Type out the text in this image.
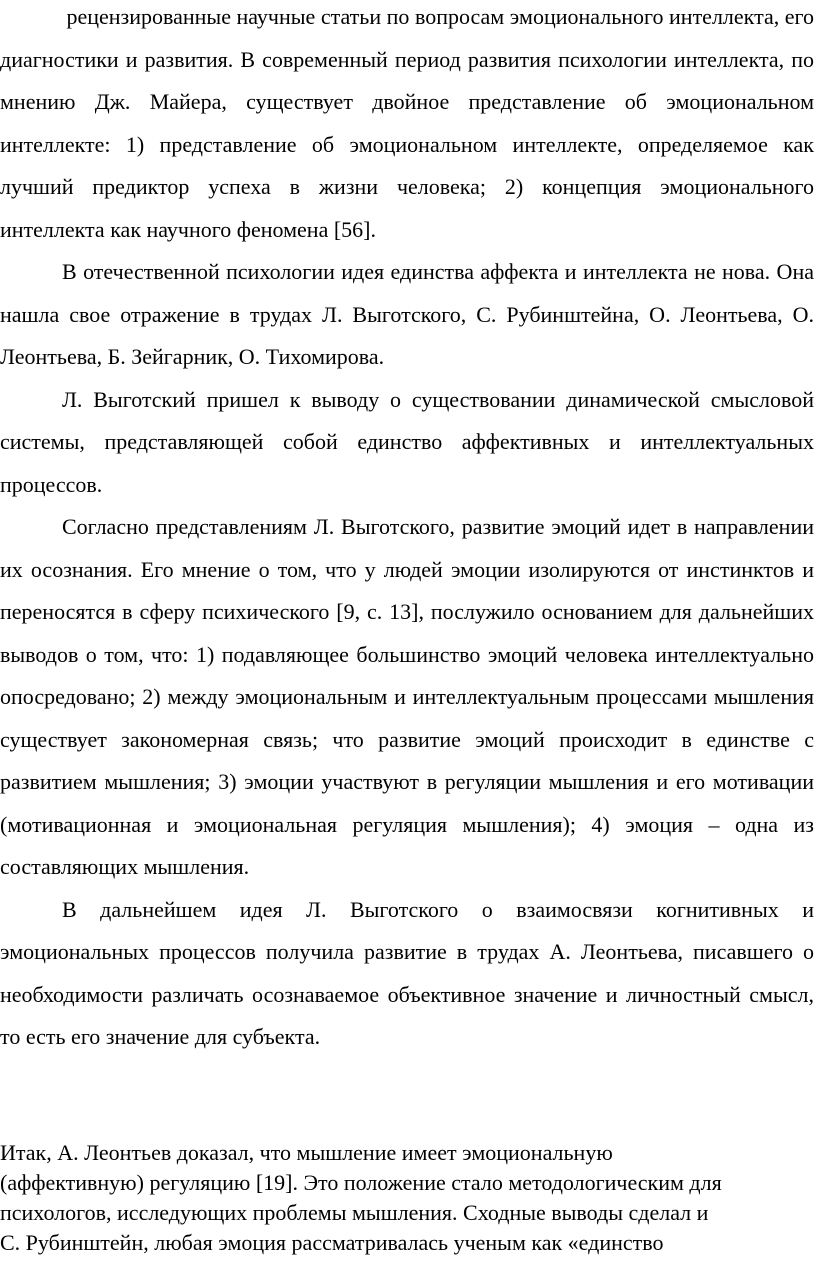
рецензированные научные статьи по вопросам эмоционального интеллекта, его диагностики и развития. В современный период развития психологии интеллекта, по мнению Дж. Майера, существует двойное представление об эмоциональном интеллекте: 1) представление об эмоциональном интеллекте, определяемое как лучший предиктор успеха в жизни человека; 2) концепция эмоционального интеллекта как научного феномена [56].

В отечественной психологии идея единства аффекта и интеллекта не нова. Она нашла свое отражение в трудах Л. Выготского, С. Рубинштейна, О. Леонтьева, О. Леонтьева, Б. Зейгарник, О. Тихомирова.

Л. Выготский пришел к выводу о существовании динамической смысловой системы, представляющей собой единство аффективных и интеллектуальных процессов.

Согласно представлениям Л. Выготского, развитие эмоций идет в направлении их осознания. Его мнение о том, что у людей эмоции изолируются от инстинктов и переносятся в сферу психического [9, с. 13], послужило основанием для дальнейших выводов о том, что: 1) подавляющее большинство эмоций человека интеллектуально опосредовано; 2) между эмоциональным и интеллектуальным процессами мышления существует закономерная связь; что развитие эмоций происходит в единстве с развитием мышления; 3) эмоции участвуют в регуляции мышления и его мотивации (мотивационная и эмоциональная регуляция мышления); 4) эмоция – одна из составляющих мышления.

В дальнейшем идея Л. Выготского о взаимосвязи когнитивных и эмоциональных процессов получила развитие в трудах А. Леонтьева, писавшего о необходимости различать осознаваемое объективное значение и личностный смысл, то есть его значение для субъекта.

Итак, А. Леонтьев доказал, что мышление имеет эмоциональную
(аффективную) регуляцию [19]. Это положение стало методологическим для
психологов, исследующих проблемы мышления. Сходные выводы сделал и
С. Рубинштейн, любая эмоция рассматривалась ученым как «единство
